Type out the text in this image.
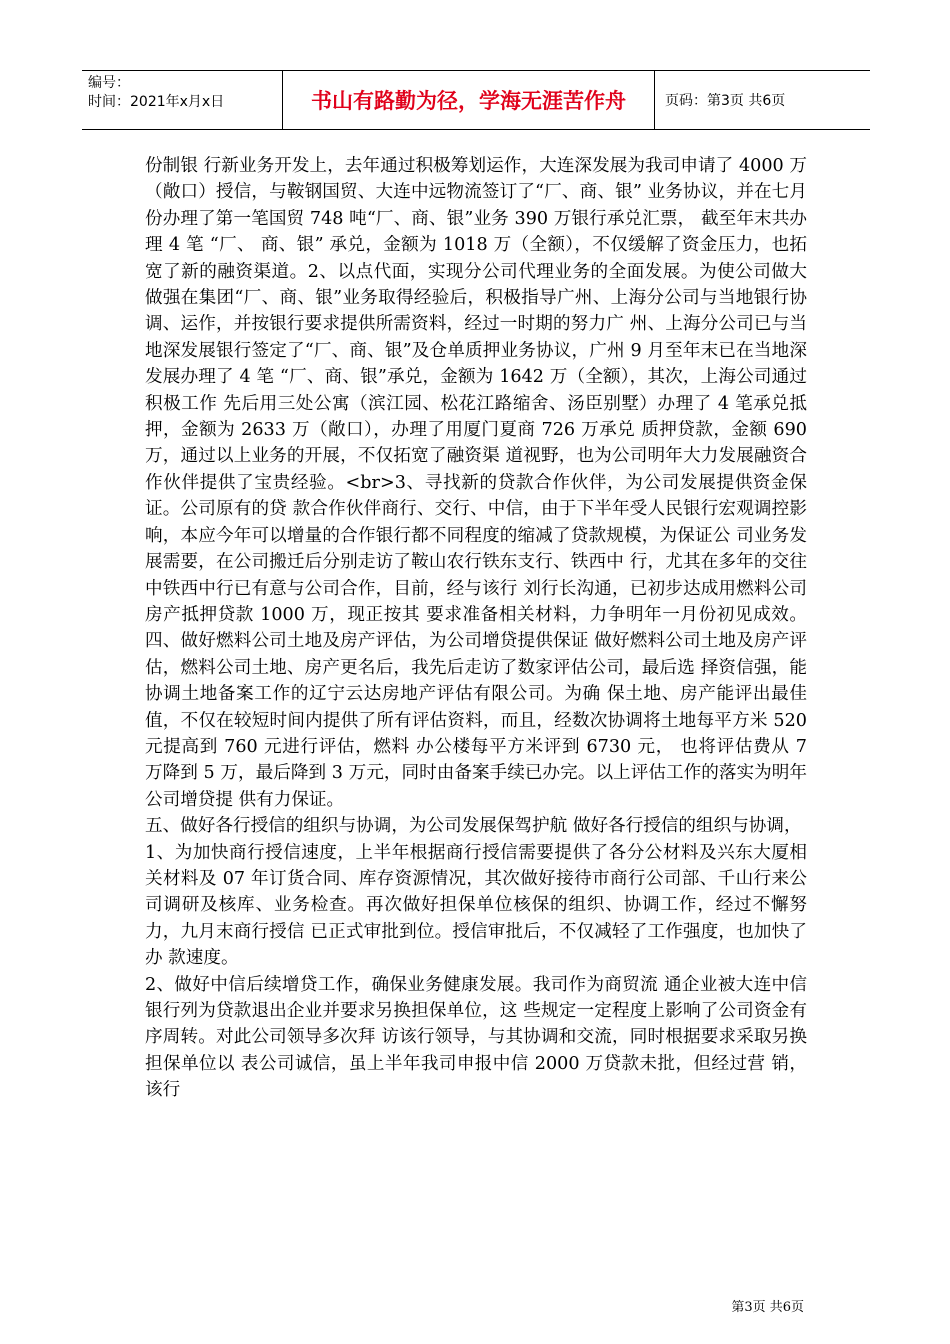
编号：
时间：2021年x月x日	书山有路勤为径，学海无涯苦作舟	页码：第3页 共6页

份制银 行新业务开发上，去年通过积极筹划运作，大连深发展为我司申请了 4000 万（敞口）授信，与鞍钢国贸、大连中远物流签订了“厂、商、银” 业务协议，并在七月份办理了第一笔国贸 748 吨“厂、商、银”业务 390 万银行承兑汇票， 截至年末共办理 4 笔 “厂、 商、银” 承兑，金额为 1018 万（全额），不仅缓解了资金压力，也拓宽了新的融资渠道。2、以点代面，实现分公司代理业务的全面发展。为使公司做大做强在集团“厂、商、银”业务取得经验后，积极指导广州、上海分公司与当地银行协调、运作，并按银行要求提供所需资料，经过一时期的努力广 州、上海分公司已与当地深发展银行签定了“厂、商、银”及仓单质押业务协议，广州 9 月至年末已在当地深发展办理了 4 笔 “厂、商、银”承兑，金额为 1642 万（全额），其次，上海公司通过积极工作 先后用三处公寓（滨江园、松花江路缩舍、汤臣别墅）办理了 4 笔承兑抵押，金额为 2633 万（敞口），办理了用厦门夏商 726 万承兑 质押贷款，金额 690 万，通过以上业务的开展，不仅拓宽了融资渠 道视野，也为公司明年大力发展融资合作伙伴提供了宝贵经验。<br>3、寻找新的贷款合作伙伴，为公司发展提供资金保证。公司原有的贷 款合作伙伴商行、交行、中信，由于下半年受人民银行宏观调控影响，本应今年可以增量的合作银行都不同程度的缩减了贷款规模，为保证公 司业务发展需要，在公司搬迁后分别走访了鞍山农行铁东支行、铁西中 行，尤其在多年的交往中铁西中行已有意与公司合作，目前，经与该行 刘行长沟通，已初步达成用燃料公司房产抵押贷款 1000 万，现正按其 要求准备相关材料，力争明年一月份初见成效。四、做好燃料公司土地及房产评估，为公司增贷提供保证 做好燃料公司土地及房产评估，燃料公司土地、房产更名后，我先后走访了数家评估公司，最后选 择资信强，能协调土地备案工作的辽宁云达房地产评估有限公司。为确 保土地、房产能评出最佳值，不仅在较短时间内提供了所有评估资料，而且，经数次协调将土地每平方米 520 元提高到 760 元进行评估，燃料 办公楼每平方米评到 6730 元， 也将评估费从 7 万降到 5 万，最后降到 3 万元，同时由备案手续已办完。以上评估工作的落实为明年公司增贷提 供有力保证。

五、做好各行授信的组织与协调，为公司发展保驾护航 做好各行授信的组织与协调，

1、为加快商行授信速度，上半年根据商行授信需要提供了各分公材料及兴东大厦相关材料及 07 年订货合同、库存资源情况，其次做好接待市商行公司部、千山行来公司调研及核库、业务检查。再次做好担保单位核保的组织、协调工作，经过不懈努力，九月末商行授信 已正式审批到位。授信审批后，不仅减轻了工作强度，也加快了办 款速度。

2、做好中信后续增贷工作，确保业务健康发展。我司作为商贸流 通企业被大连中信银行列为贷款退出企业并要求另换担保单位，这 些规定一定程度上影响了公司资金有序周转。对此公司领导多次拜 访该行领导，与其协调和交流，同时根据要求采取另换担保单位以 表公司诚信，虽上半年我司申报中信 2000 万贷款未批，但经过营 销，该行

第3页 共6页
